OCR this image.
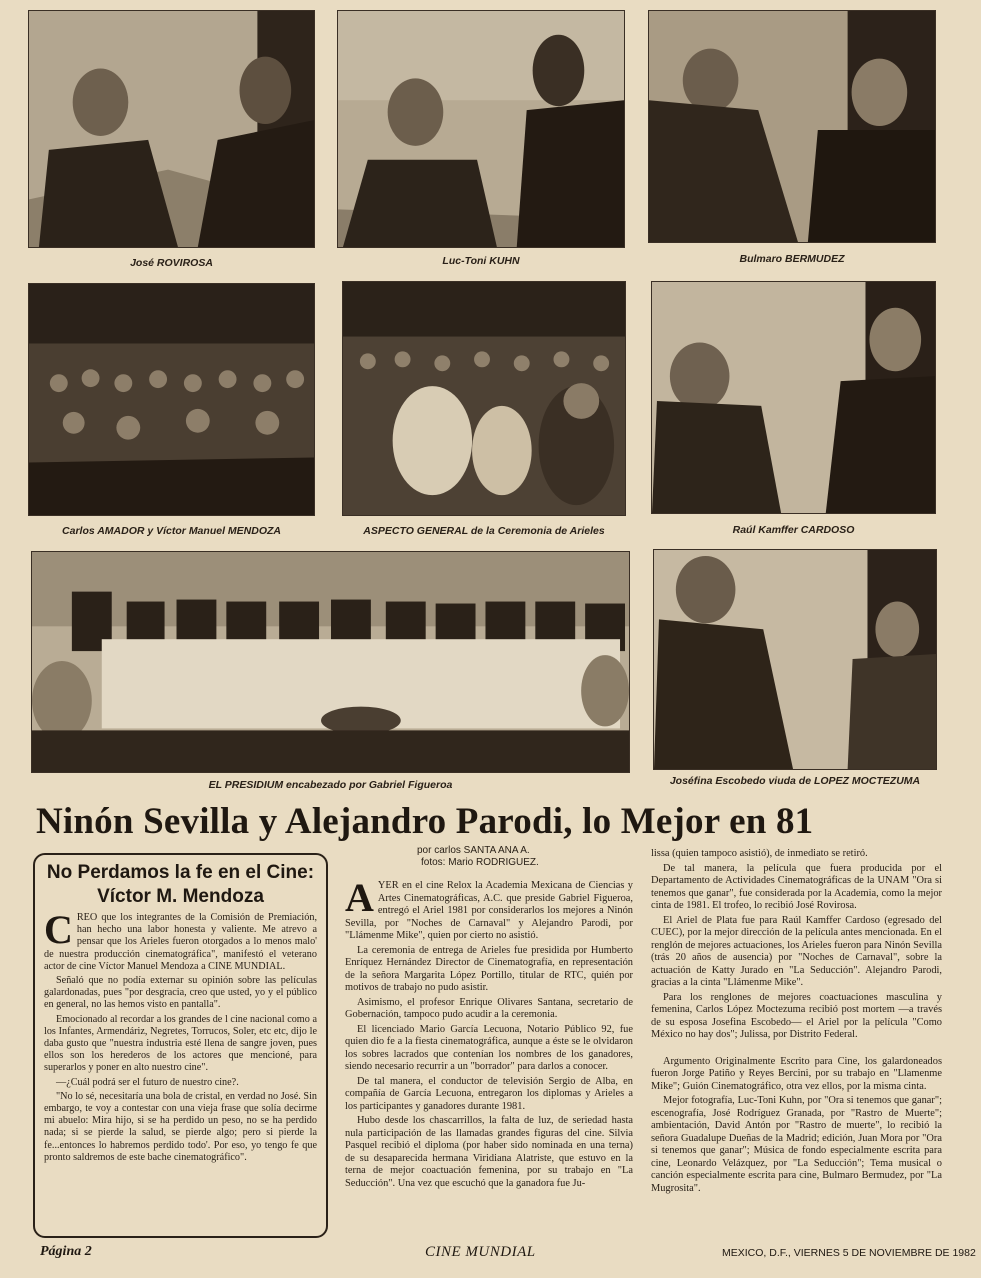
José ROVIROSA	Luc-Toni KUHN	Bulmaro BERMUDEZ
Carlos AMADOR y Víctor Manuel MENDOZA	ASPECTO GENERAL de la Ceremonia de Arieles	Raúl Kamffer CARDOSO
EL PRESIDIUM encabezado por Gabriel Figueroa	Joséfina Escobedo viuda de LOPEZ MOCTEZUMA
Ninón Sevilla y Alejandro Parodi, lo Mejor en 81
por carlos SANTA ANA A.
fotos: Mario RODRIGUEZ.
No Perdamos la fe en el Cine: Víctor M. Mendoza

CREO que los integrantes de la Comisión de Premiación, han hecho una labor honesta y valiente. Me atrevo a pensar que los Arieles fueron otorgados a lo menos malo' de nuestra producción cinematográfica", manifestó el veterano actor de cine Víctor Manuel Mendoza a CINE MUNDIAL.

Señaló que no podía externar su opinión sobre las películas galardonadas, pues "por desgracia, creo que usted, yo y el público en general, no las hemos visto en pantalla".

Emocionado al recordar a los grandes de l cine nacional como a los Infantes, Armendáriz, Negretes, Torrucos, Soler, etc etc, dijo le daba gusto que "nuestra industria esté llena de sangre joven, pues ellos son los herederos de los actores que mencioné, para superarlos y poner en alto nuestro cine".

—¿Cuál podrá ser el futuro de nuestro cine?.

"No lo sé, necesitaría una bola de cristal, en verdad no José. Sin embargo, te voy a contestar con una vieja frase que solía decirme mi abuelo: Mira hijo, si se ha perdido un peso, no se ha perdido nada; si se pierde la salud, se pierde algo; pero si pierde la fe...entonces lo habremos perdido todo'. Por eso, yo tengo fe que pronto saldremos de este bache cinematográfico".

AYER en el cine Relox la Academia Mexicana de Ciencias y Artes Cinematográficas, A.C. que preside Gabriel Figueroa, entregó el Ariel 1981 por considerarlos los mejores a Ninón Sevilla, por "Noches de Carnaval" y Alejandro Parodi, por "Llámenme Mike", quien por cierto no asistió.

La ceremonia de entrega de Arieles fue presidida por Humberto Enríquez Hernández Director de Cinematografía, en representación de la señora Margarita López Portillo, titular de RTC, quién por motivos de trabajo no pudo asistir.

Asimismo, el profesor Enrique Olivares Santana, secretario de Gobernación, tampoco pudo acudir a la ceremonia.

El licenciado Mario García Lecuona, Notario Público 92, fue quien dio fe a la fiesta cinematográfica, aunque a éste se le olvidaron los sobres lacrados que contenían los nombres de los ganadores, siendo necesario recurrir a un "borrador" para darlos a conocer.

De tal manera, el conductor de televisión Sergio de Alba, en compañía de García Lecuona, entregaron los diplomas y Arieles a los participantes y ganadores durante 1981.

Hubo desde los chascarrillos, la falta de luz, de seriedad hasta nula participación de las llamadas grandes figuras del cine. Silvia Pasquel recibió el diploma (por haber sido nominada en una terna) de su desaparecida hermana Viridiana Alatriste, que estuvo en la terna de mejor coactuación femenina, por su trabajo en "La Seducción". Una vez que escuchó que la ganadora fue Ju-

lissa (quien tampoco asistió), de inmediato se retiró.

De tal manera, la película que fuera producida por el Departamento de Actividades Cinematográficas de la UNAM "Ora si tenemos que ganar", fue considerada por la Academia, como la mejor cinta de 1981. El trofeo, lo recibió José Rovirosa.

El Ariel de Plata fue para Raúl Kamffer Cardoso (egresado del CUEC), por la mejor dirección de la película antes mencionada. En el renglón de mejores actuaciones, los Arieles fueron para Ninón Sevilla (trás 20 años de ausencia) por "Noches de Carnaval", sobre la actuación de Katty Jurado en "La Seducción". Alejandro Parodi, gracias a la cinta "Llámenme Mike".

Para los renglones de mejores coactuaciones masculina y femenina, Carlos López Moctezuma recibió post mortem —a través de su esposa Josefina Escobedo— el Ariel por la película "Como México no hay dos"; Julissa, por Distrito Federal.

Argumento Originalmente Escrito para Cine, los galardoneados fueron Jorge Patiño y Reyes Bercini, por su trabajo en "Llamenme Mike"; Guión Cinematográfico, otra vez ellos, por la misma cinta.

Mejor fotografía, Luc-Toni Kuhn, por "Ora si tenemos que ganar"; escenografía, José Rodríguez Granada, por "Rastro de Muerte"; ambientación, David Antón por "Rastro de muerte", lo recibió la señora Guadalupe Dueñas de la Madrid; edición, Juan Mora por "Ora si tenemos que ganar"; Música de fondo especialmente escrita para cine, Leonardo Velázquez, por "La Seducción"; Tema musical o canción especialmente escrita para cine, Bulmaro Bermudez, por "La Mugrosita".

Página 2	CINE MUNDIAL	MEXICO, D.F., VIERNES 5 DE NOVIEMBRE DE 1982
